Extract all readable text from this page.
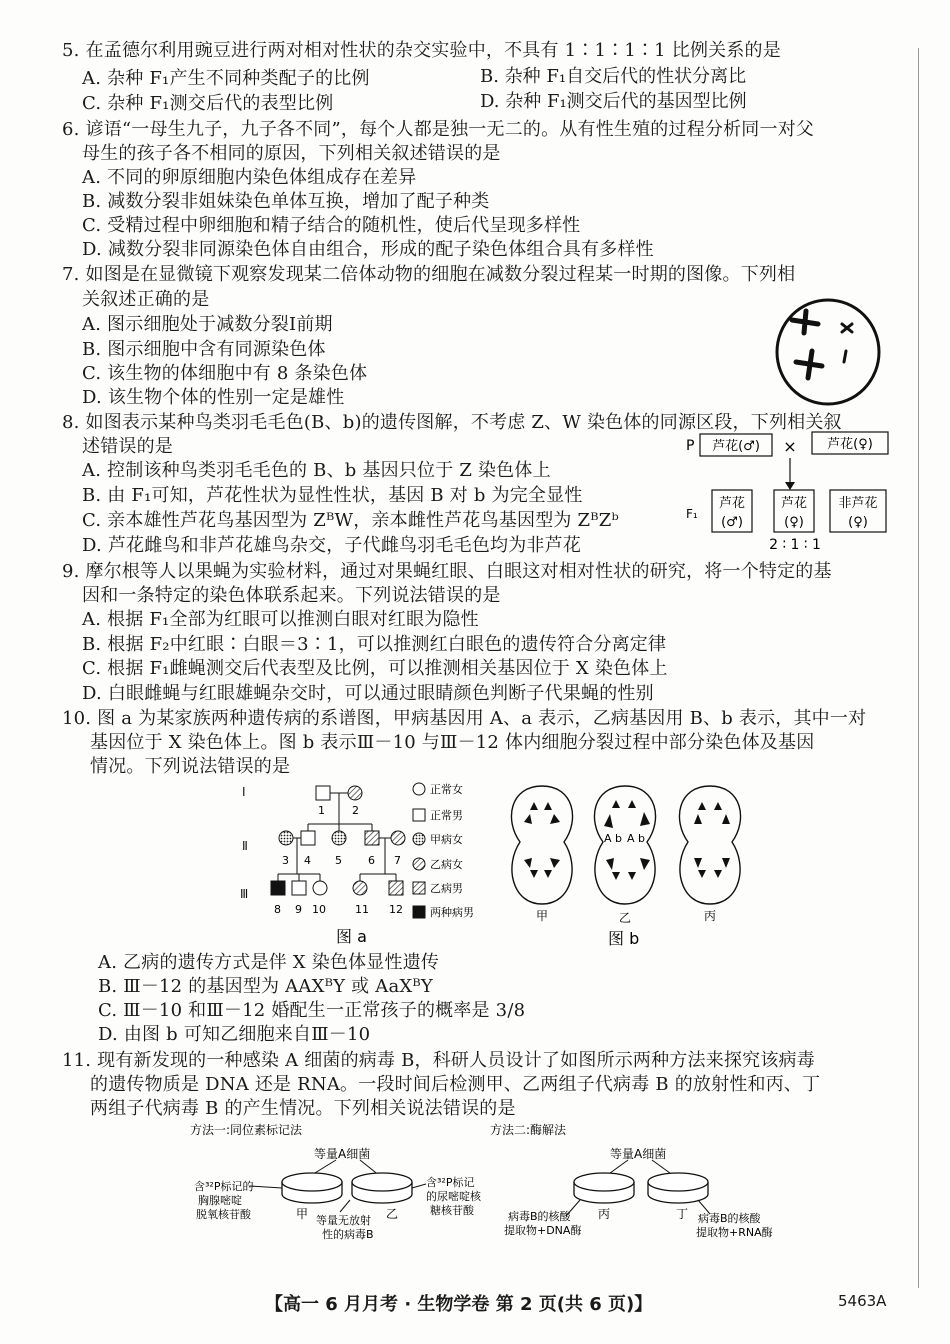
5. 在孟德尔利用豌豆进行两对相对性状的杂交实验中，不具有 1∶1∶1∶1 比例关系的是
A. 杂种 F₁产生不同种类配子的比例	B. 杂种 F₁自交后代的性状分离比
C. 杂种 F₁测交后代的表型比例	D. 杂种 F₁测交后代的基因型比例
6. 谚语“一母生九子，九子各不同”，每个人都是独一无二的。从有性生殖的过程分析同一对父
母生的孩子各不相同的原因，下列相关叙述错误的是
A. 不同的卵原细胞内染色体组成存在差异
B. 减数分裂非姐妹染色单体互换，增加了配子种类
C. 受精过程中卵细胞和精子结合的随机性，使后代呈现多样性
D. 减数分裂非同源染色体自由组合，形成的配子染色体组合具有多样性
7. 如图是在显微镜下观察发现某二倍体动物的细胞在减数分裂过程某一时期的图像。下列相
关叙述正确的是
A. 图示细胞处于减数分裂Ⅰ前期
B. 图示细胞中含有同源染色体
C. 该生物的体细胞中有 8 条染色体
D. 该生物个体的性别一定是雄性
8. 如图表示某种鸟类羽毛毛色(B、b)的遗传图解，不考虑 Z、W 染色体的同源区段，下列相关叙
述错误的是
A. 控制该种鸟类羽毛毛色的 B、b 基因只位于 Z 染色体上
B. 由 F₁可知，芦花性状为显性性状，基因 B 对 b 为完全显性
C. 亲本雄性芦花鸟基因型为 ZᴮW，亲本雌性芦花鸟基因型为 ZᴮZᵇ
D. 芦花雌鸟和非芦花雄鸟杂交，子代雌鸟羽毛毛色均为非芦花
P 芦花(♂) × 芦花(♀)
F₁
芦花
(♂)
芦花
(♀)
非芦花
(♀)
2 ∶ 1 ∶ 1
9. 摩尔根等人以果蝇为实验材料，通过对果蝇红眼、白眼这对相对性状的研究，将一个特定的基
因和一条特定的染色体联系起来。下列说法错误的是
A. 根据 F₁全部为红眼可以推测白眼对红眼为隐性
B. 根据 F₂中红眼∶白眼＝3∶1，可以推测红白眼色的遗传符合分离定律
C. 根据 F₁雌蝇测交后代表型及比例，可以推测相关基因位于 X 染色体上
D. 白眼雌蝇与红眼雄蝇杂交时，可以通过眼睛颜色判断子代果蝇的性别
10. 图 a 为某家族两种遗传病的系谱图，甲病基因用 A、a 表示，乙病基因用 B、b 表示，其中一对
基因位于 X 染色体上。图 b 表示Ⅲ－10 与Ⅲ－12 体内细胞分裂过程中部分染色体及基因
情况。下列说法错误的是
Ⅰ
Ⅱ
Ⅲ
1 2
3 4 5 6 7
8 9 10	11 12
正常女
正常男
甲病女
乙病女
乙病男
两种病男
图 a
A b A b
甲	乙	丙
图 b
A. 乙病的遗传方式是伴 X 染色体显性遗传
B. Ⅲ－12 的基因型为 AAXᴮY 或 AaXᴮY
C. Ⅲ－10 和Ⅲ－12 婚配生一正常孩子的概率是 3/8
D. 由图 b 可知乙细胞来自Ⅲ－10
11. 现有新发现的一种感染 A 细菌的病毒 B，科研人员设计了如图所示两种方法来探究该病毒
的遗传物质是 DNA 还是 RNA。一段时间后检测甲、乙两组子代病毒 B 的放射性和丙、丁
两组子代病毒 B 的产生情况。下列相关说法错误的是
方法一:同位素标记法	方法二:酶解法
等量A细菌
含³²P标记的
胸腺嘧啶
脱氧核苷酸	甲 等量无放射
性的病毒B
乙
含³²P标记
的尿嘧啶核
糖核苷酸
等量A细菌
病毒B的核酸
提取物+DNA酶
丙	丁 病毒B的核酸
提取物+RNA酶
【高一 6 月月考 · 生物学卷 第 2 页(共 6 页)】	5463A
